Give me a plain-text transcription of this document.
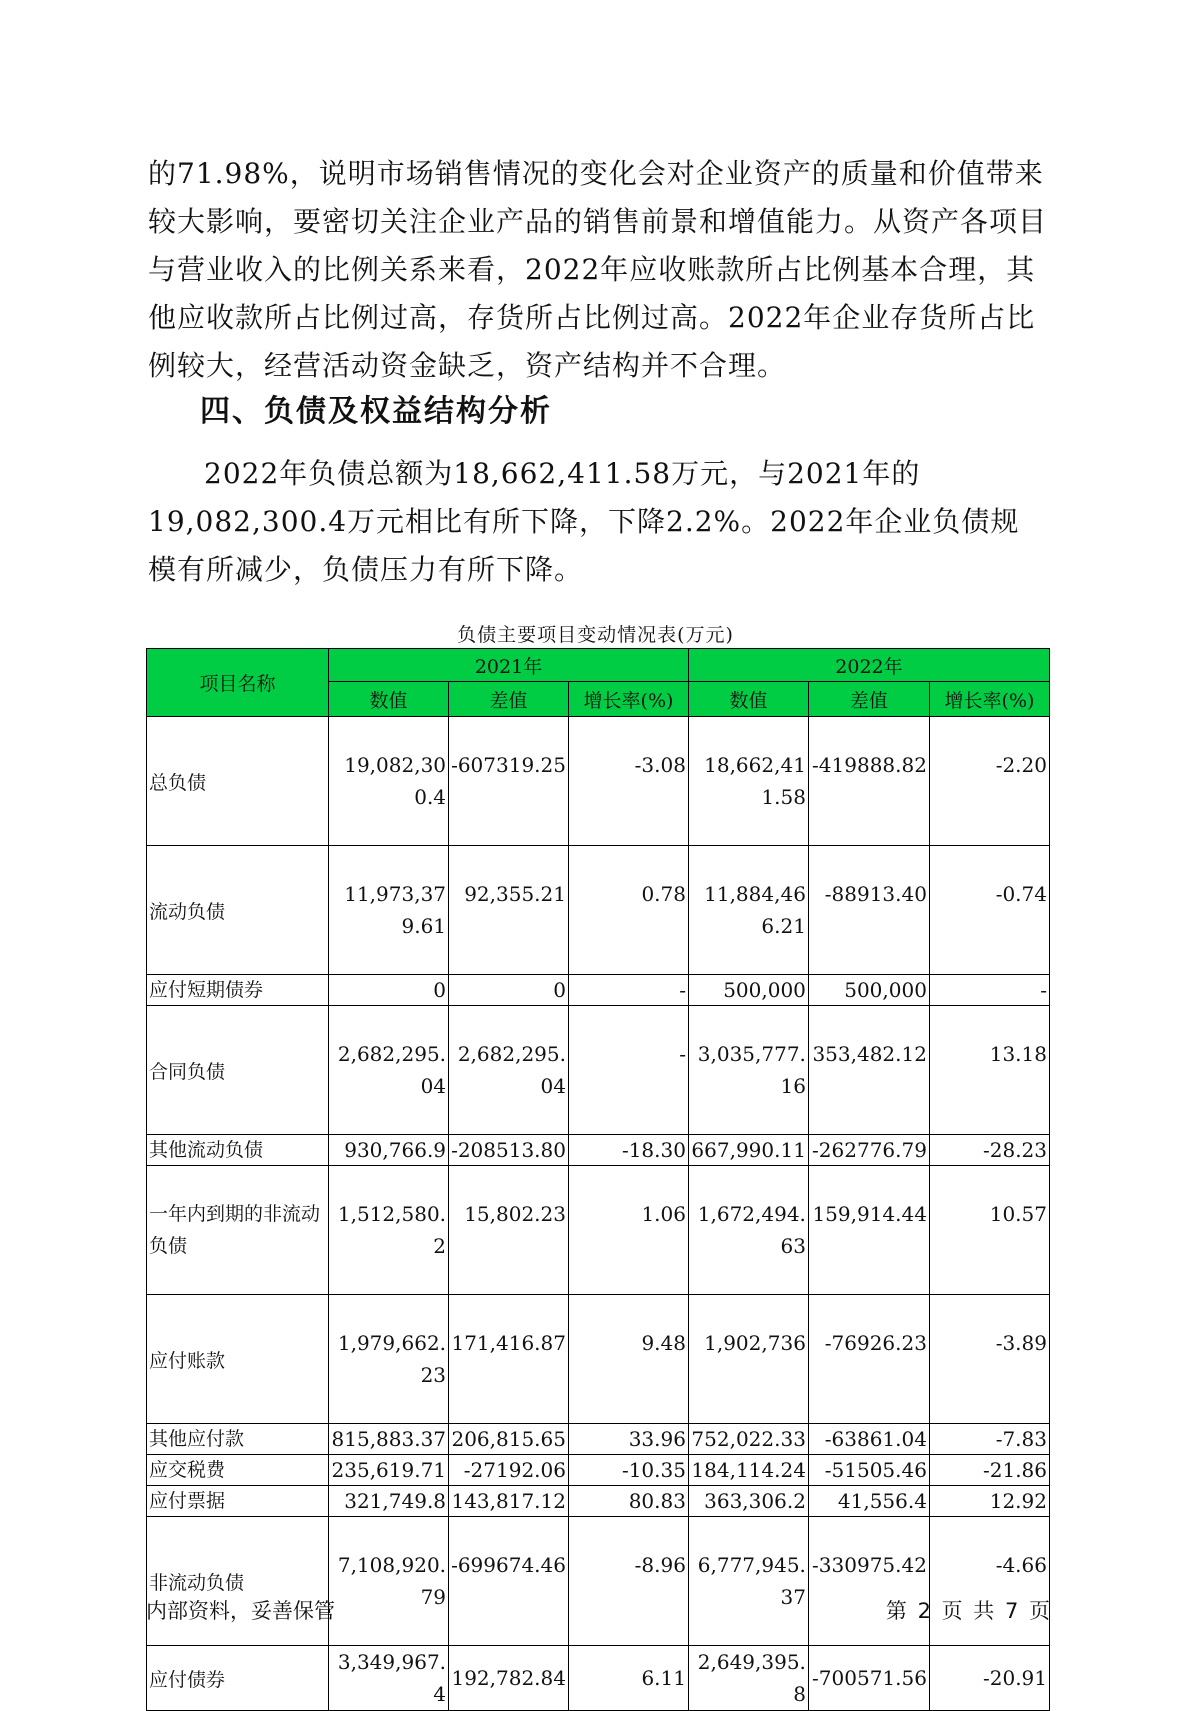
的71.98%，说明市场销售情况的变化会对企业资产的质量和价值带来较大影响，要密切关注企业产品的销售前景和增值能力。从资产各项目与营业收入的比例关系来看，2022年应收账款所占比例基本合理，其他应收款所占比例过高，存货所占比例过高。2022年企业存货所占比例较大，经营活动资金缺乏，资产结构并不合理。

四、负债及权益结构分析

2022年负债总额为18,662,411.58万元，与2021年的19,082,300.4万元相比有所下降，下降2.2%。2022年企业负债规模有所减少，负债压力有所下降。

负债主要项目变动情况表(万元)
项目名称	2021年			2022年		
	数值	差值	增长率(%)	数值	差值	增长率(%)
总负债	19,082,300.4	-607319.25	-3.08	18,662,411.58	-419888.82	-2.20
流动负债	11,973,379.61	92,355.21	0.78	11,884,466.21	-88913.40	-0.74
应付短期债券	0	0	-	500,000	500,000	-
合同负债	2,682,295.04	2,682,295.04	-	3,035,777.16	353,482.12	13.18
其他流动负债	930,766.9	-208513.80	-18.30	667,990.11	-262776.79	-28.23
一年内到期的非流动负债	1,512,580.2	15,802.23	1.06	1,672,494.63	159,914.44	10.57
应付账款	1,979,662.23	171,416.87	9.48	1,902,736	-76926.23	-3.89
其他应付款	815,883.37	206,815.65	33.96	752,022.33	-63861.04	-7.83
应交税费	235,619.71	-27192.06	-10.35	184,114.24	-51505.46	-21.86
应付票据	321,749.8	143,817.12	80.83	363,306.2	41,556.4	12.92
非流动负债	7,108,920.79	-699674.46	-8.96	6,777,945.37	-330975.42	-4.66
应付债券	3,349,967.4	192,782.84	6.11	2,649,395.8	-700571.56	-20.91
内部资料，妥善保管	第 2 页 共 7 页
